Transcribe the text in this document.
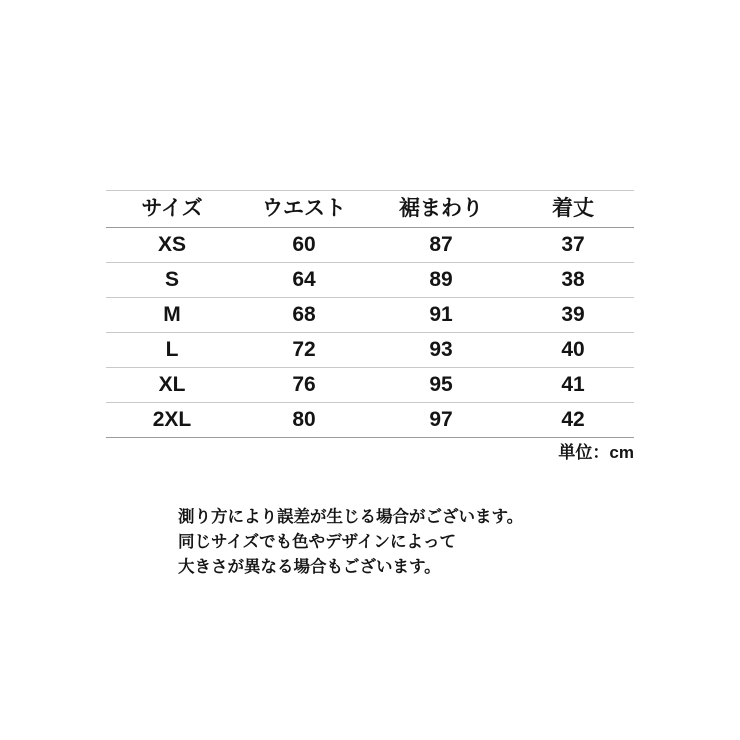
サイズ	ウエスト	裾まわり	着丈
XS	60	87	37
S	64	89	38
M	68	91	39
L	72	93	40
XL	76	95	41
2XL	80	97	42
単位：cm
測り方により誤差が生じる場合がございます。
同じサイズでも色やデザインによって
大きさが異なる場合もございます。
